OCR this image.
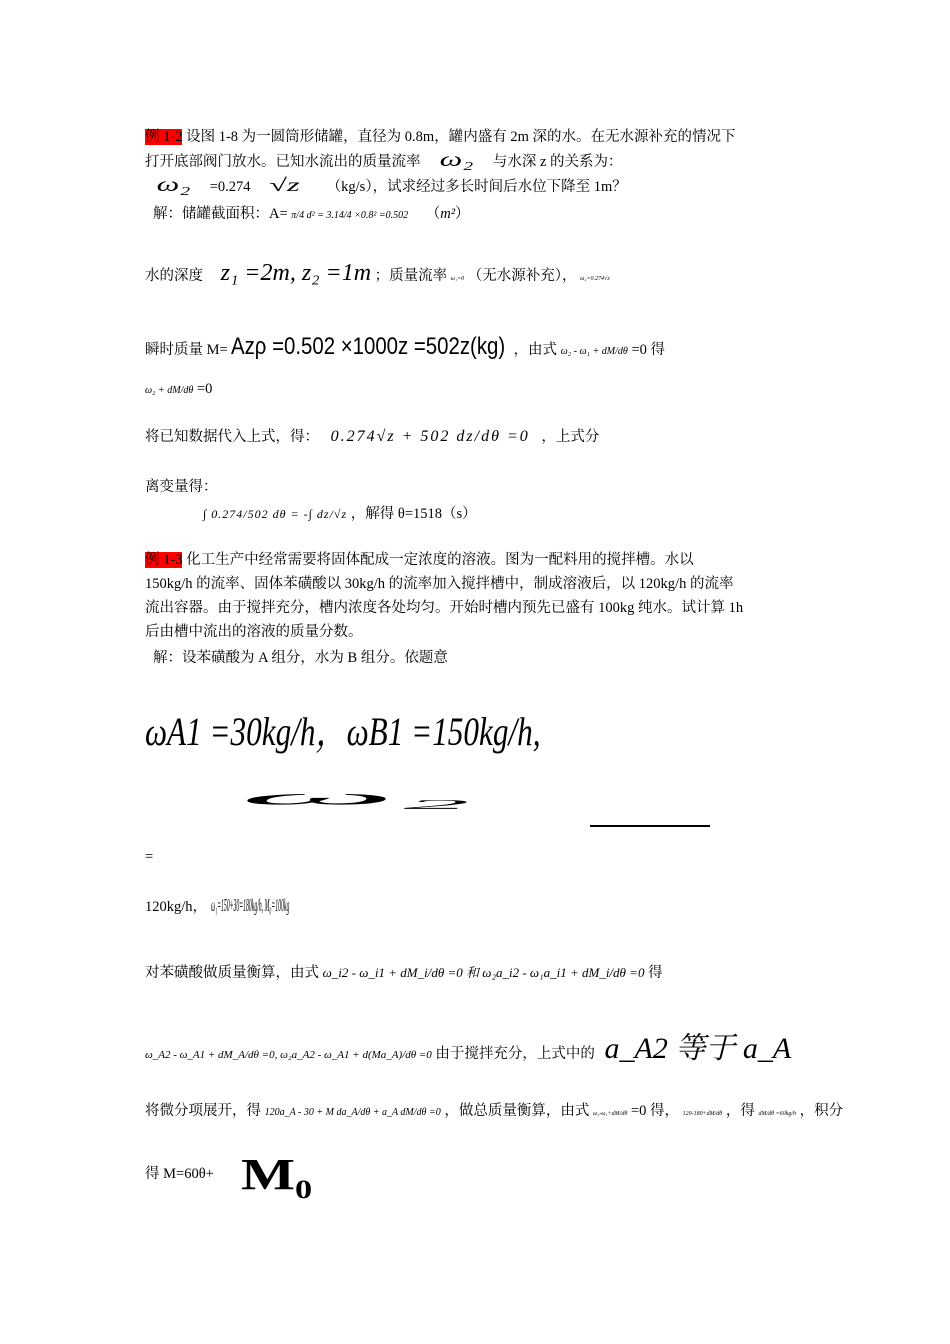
例 1-2 设图 1-8 为一圆筒形储罐，直径为 0.8m，罐内盛有 2m 深的水。在无水源补充的情况下
打开底部阀门放水。已知水流出的质量流率 ω₂ 与水深 z 的关系为：
ω₂ =0.274 √z （kg/s），试求经过多长时间后水位下降至 1m？
解：储罐截面积：A= π/4 d² = 3.14/4 ×0.8² =0.502 （m²）
水的深度 z₁ =2m, z₂ =1m ；质量流率 ω₁=0 （无水源补充）， ω₂=0.274√z
瞬时质量 M= Azρ =0.502 ×1000z =502z(kg) ，由式 ω₂ - ω₁ + dM/dθ =0 得
ω₂ + dM/dθ =0
将已知数据代入上式，得： 0.274√z + 502 dz/dθ =0 ，上式分
离变量得：
∫ 0.274/502 dθ = -∫ dz/√z ，解得 θ=1518（s）
例 1-3 化工生产中经常需要将固体配成一定浓度的溶液。图为一配料用的搅拌槽。水以
150kg/h 的流率、固体苯磺酸以 30kg/h 的流率加入搅拌槽中，制成溶液后，以 120kg/h 的流率
流出容器。由于搅拌充分，槽内浓度各处均匀。开始时槽内预先已盛有 100kg 纯水。试计算 1h
后由槽中流出的溶液的质量分数。
解：设苯磺酸为 A 组分，水为 B 组分。依题意
ωA1 =30kg/h，ωB1 =150kg/h,
ω₂
=
120kg/h， ω₁=150+30=180kg/h, M₀=100kg
对苯磺酸做质量衡算，由式 ω_i2 - ω_i1 + dM_i/dθ =0 和 ω₂a_i2 - ω₁a_i1 + dM_i/dθ =0 得
ω_A2 - ω_A1 + dM_A/dθ =0, ω₂a_A2 - ω_A1 + d(Ma_A)/dθ =0 由于搅拌充分，上式中的 a_A2 等于 a_A
将微分项展开，得 120a_A - 30 + M da_A/dθ + a_A dM/dθ =0 ，做总质量衡算，由式 ω₂-ω₁+dM/dθ =0 得， 120-180+dM/dθ ，得 dM/dθ =60kg/h ，积分
得 M=60θ+ M₀
